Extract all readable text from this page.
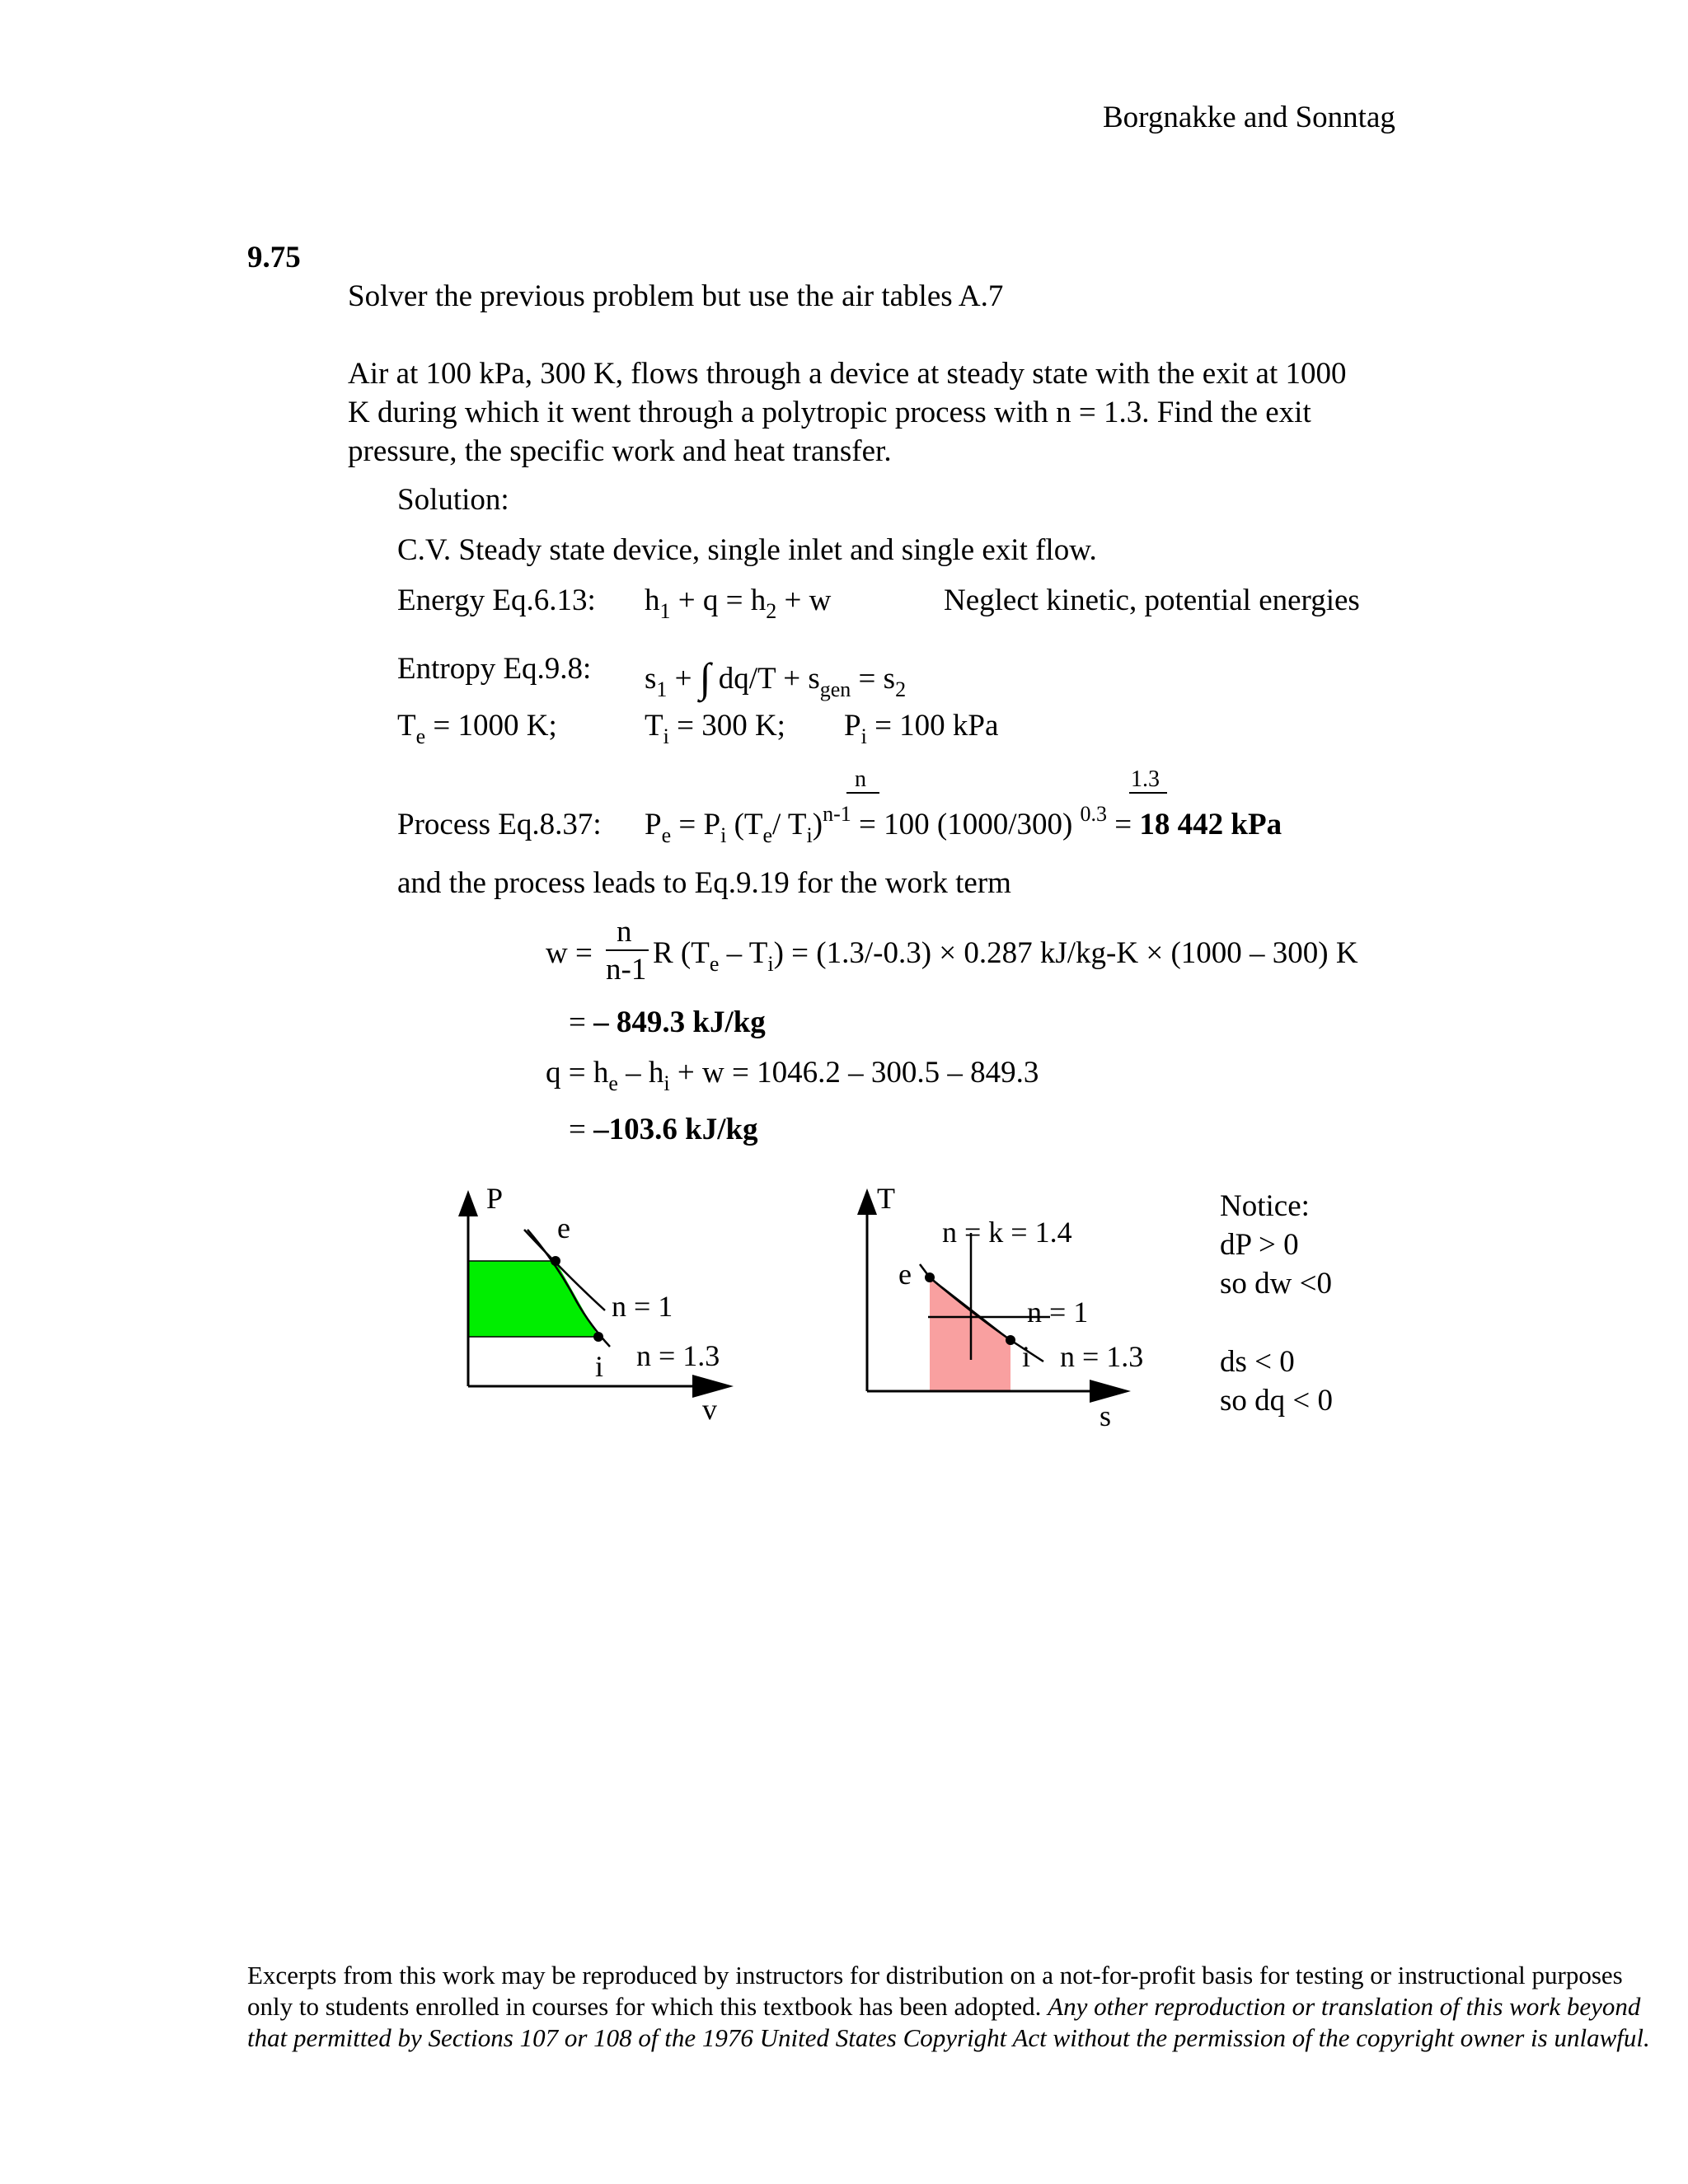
Borgnakke and Sonntag
9.75
Solver the previous problem but use the air tables A.7
Air at 100 kPa, 300 K, flows through a device at steady state with the exit at 1000
K during which it went through a polytropic process with n = 1.3. Find the exit
pressure, the specific work and heat transfer.
Solution:
C.V. Steady state device, single inlet and single exit flow.
Energy Eq.6.13: $h_1 + q = h_2 + w$	Neglect kinetic, potential energies
Entropy Eq.9.8: $s_1$ + ∫ $dq/T + s_{gen} = s_2$
$T_e = 1000$ K;	$T_i = 300$ K; $P_i = 100$ kPa
n	1.3
Process Eq.8.37: $P_e = P_i$ ($T_e/$ $T_i)^{n-1} = 100$ (1000/300) $^{0.3}$ = 18 442 kPa
and the process leads to Eq.9.19 for the work term
n
n-1
w = R $(T_e - T_i) = (1.3/-0.3) \times 0.287$ kJ/kg-K × (1000 – 300) K
= – 849.3 kJ/kg
$q = h_e - h_i + w = 1046.2 - 300.5 - 849.3$
= –103.6 kJ/kg
P
e
i
n = 1
n = 1.3
v
T
n = k = 1.4
e
n = 1
i n = 1.3
s
Notice:
dP > 0
so dw <0
ds < 0
so dq < 0
Excerpts from this work may be reproduced by instructors for distribution on a not-for-profit basis for testing or instructional purposes only to students enrolled in courses for which this textbook has been adopted. Any other reproduction or translation of this work beyond that permitted by Sections 107 or 108 of the 1976 United States Copyright Act without the permission of the copyright owner is unlawful.
